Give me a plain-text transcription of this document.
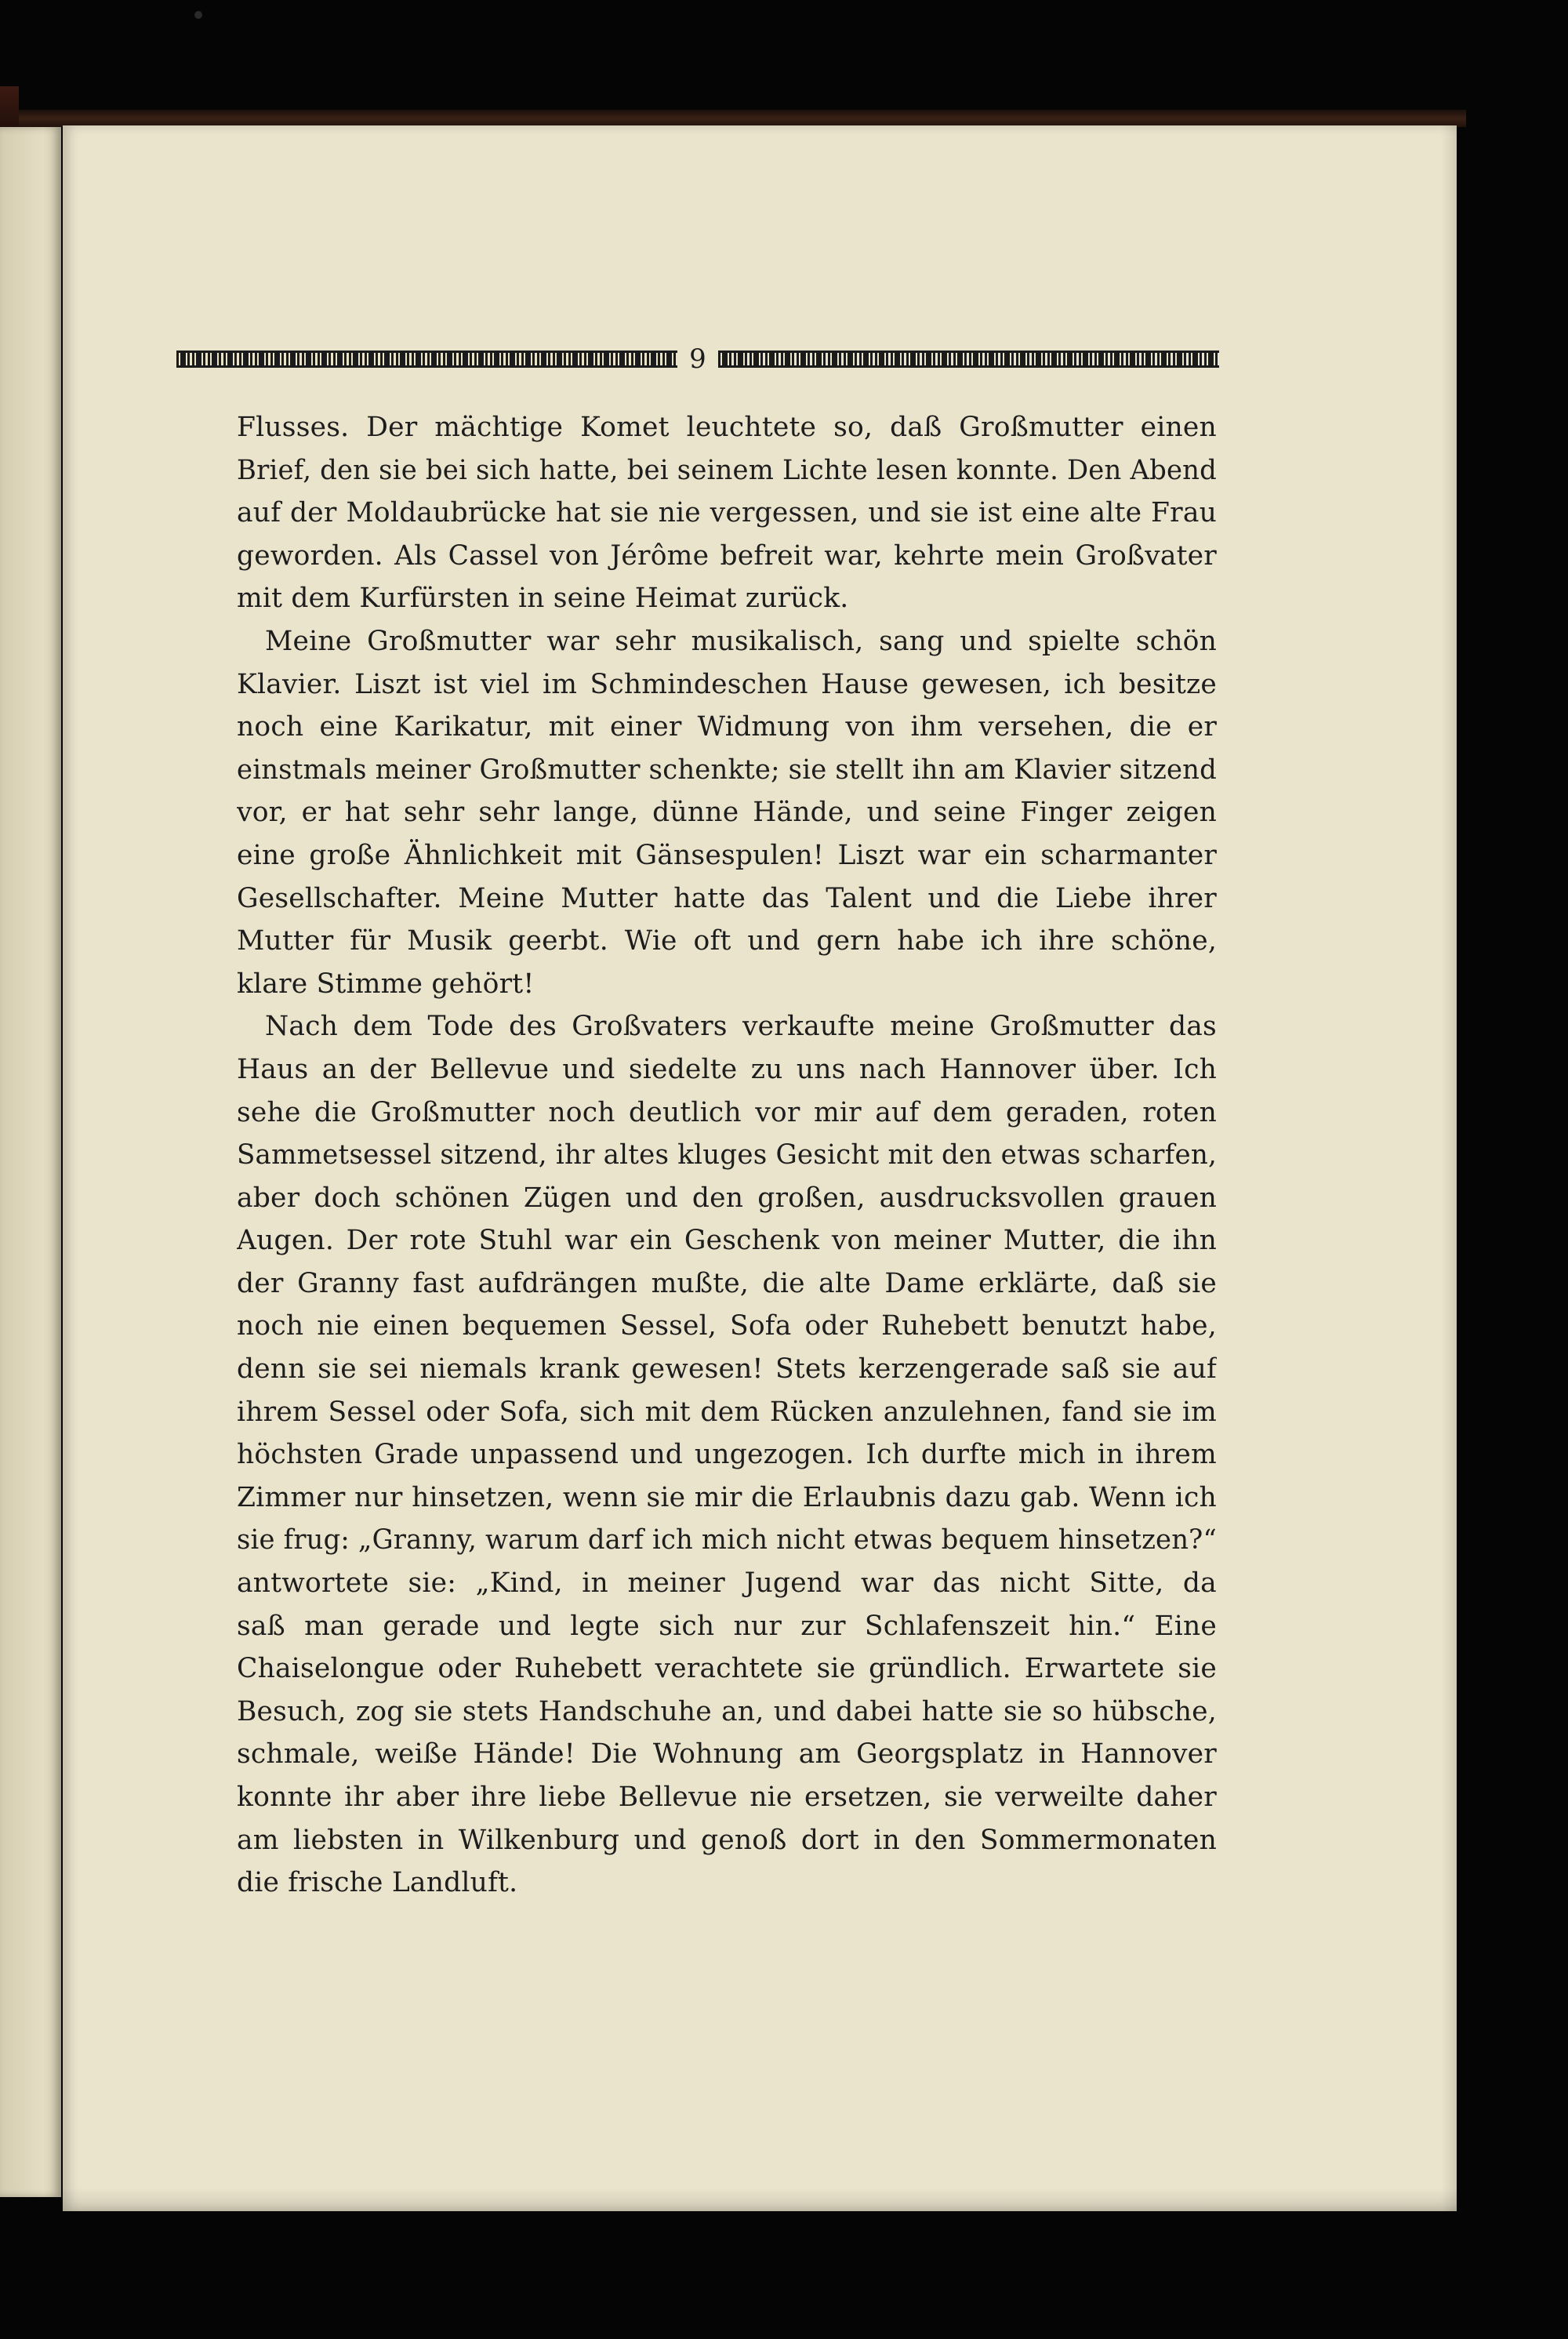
9
Flusses. Der mächtige Komet leuchtete so, daß Großmutter einen
Brief, den sie bei sich hatte, bei seinem Lichte lesen konnte. Den Abend
auf der Moldaubrücke hat sie nie vergessen, und sie ist eine alte Frau
geworden. Als Cassel von Jérôme befreit war, kehrte mein Großvater
mit dem Kurfürsten in seine Heimat zurück.
Meine Großmutter war sehr musikalisch, sang und spielte schön
Klavier. Liszt ist viel im Schmindeschen Hause gewesen, ich besitze
noch eine Karikatur, mit einer Widmung von ihm versehen, die er
einstmals meiner Großmutter schenkte; sie stellt ihn am Klavier sitzend
vor, er hat sehr sehr lange, dünne Hände, und seine Finger zeigen
eine große Ähnlichkeit mit Gänsespulen! Liszt war ein scharmanter
Gesellschafter. Meine Mutter hatte das Talent und die Liebe ihrer
Mutter für Musik geerbt. Wie oft und gern habe ich ihre schöne,
klare Stimme gehört!
Nach dem Tode des Großvaters verkaufte meine Großmutter das
Haus an der Bellevue und siedelte zu uns nach Hannover über. Ich
sehe die Großmutter noch deutlich vor mir auf dem geraden, roten
Sammetsessel sitzend, ihr altes kluges Gesicht mit den etwas scharfen,
aber doch schönen Zügen und den großen, ausdrucksvollen grauen
Augen. Der rote Stuhl war ein Geschenk von meiner Mutter, die ihn
der Granny fast aufdrängen mußte, die alte Dame erklärte, daß sie
noch nie einen bequemen Sessel, Sofa oder Ruhebett benutzt habe,
denn sie sei niemals krank gewesen! Stets kerzengerade saß sie auf
ihrem Sessel oder Sofa, sich mit dem Rücken anzulehnen, fand sie im
höchsten Grade unpassend und ungezogen. Ich durfte mich in ihrem
Zimmer nur hinsetzen, wenn sie mir die Erlaubnis dazu gab. Wenn ich
sie frug: „Granny, warum darf ich mich nicht etwas bequem hinsetzen?“
antwortete sie: „Kind, in meiner Jugend war das nicht Sitte, da
saß man gerade und legte sich nur zur Schlafenszeit hin.“ Eine
Chaiselongue oder Ruhebett verachtete sie gründlich. Erwartete sie
Besuch, zog sie stets Handschuhe an, und dabei hatte sie so hübsche,
schmale, weiße Hände! Die Wohnung am Georgsplatz in Hannover
konnte ihr aber ihre liebe Bellevue nie ersetzen, sie verweilte daher
am liebsten in Wilkenburg und genoß dort in den Sommermonaten
die frische Landluft.
